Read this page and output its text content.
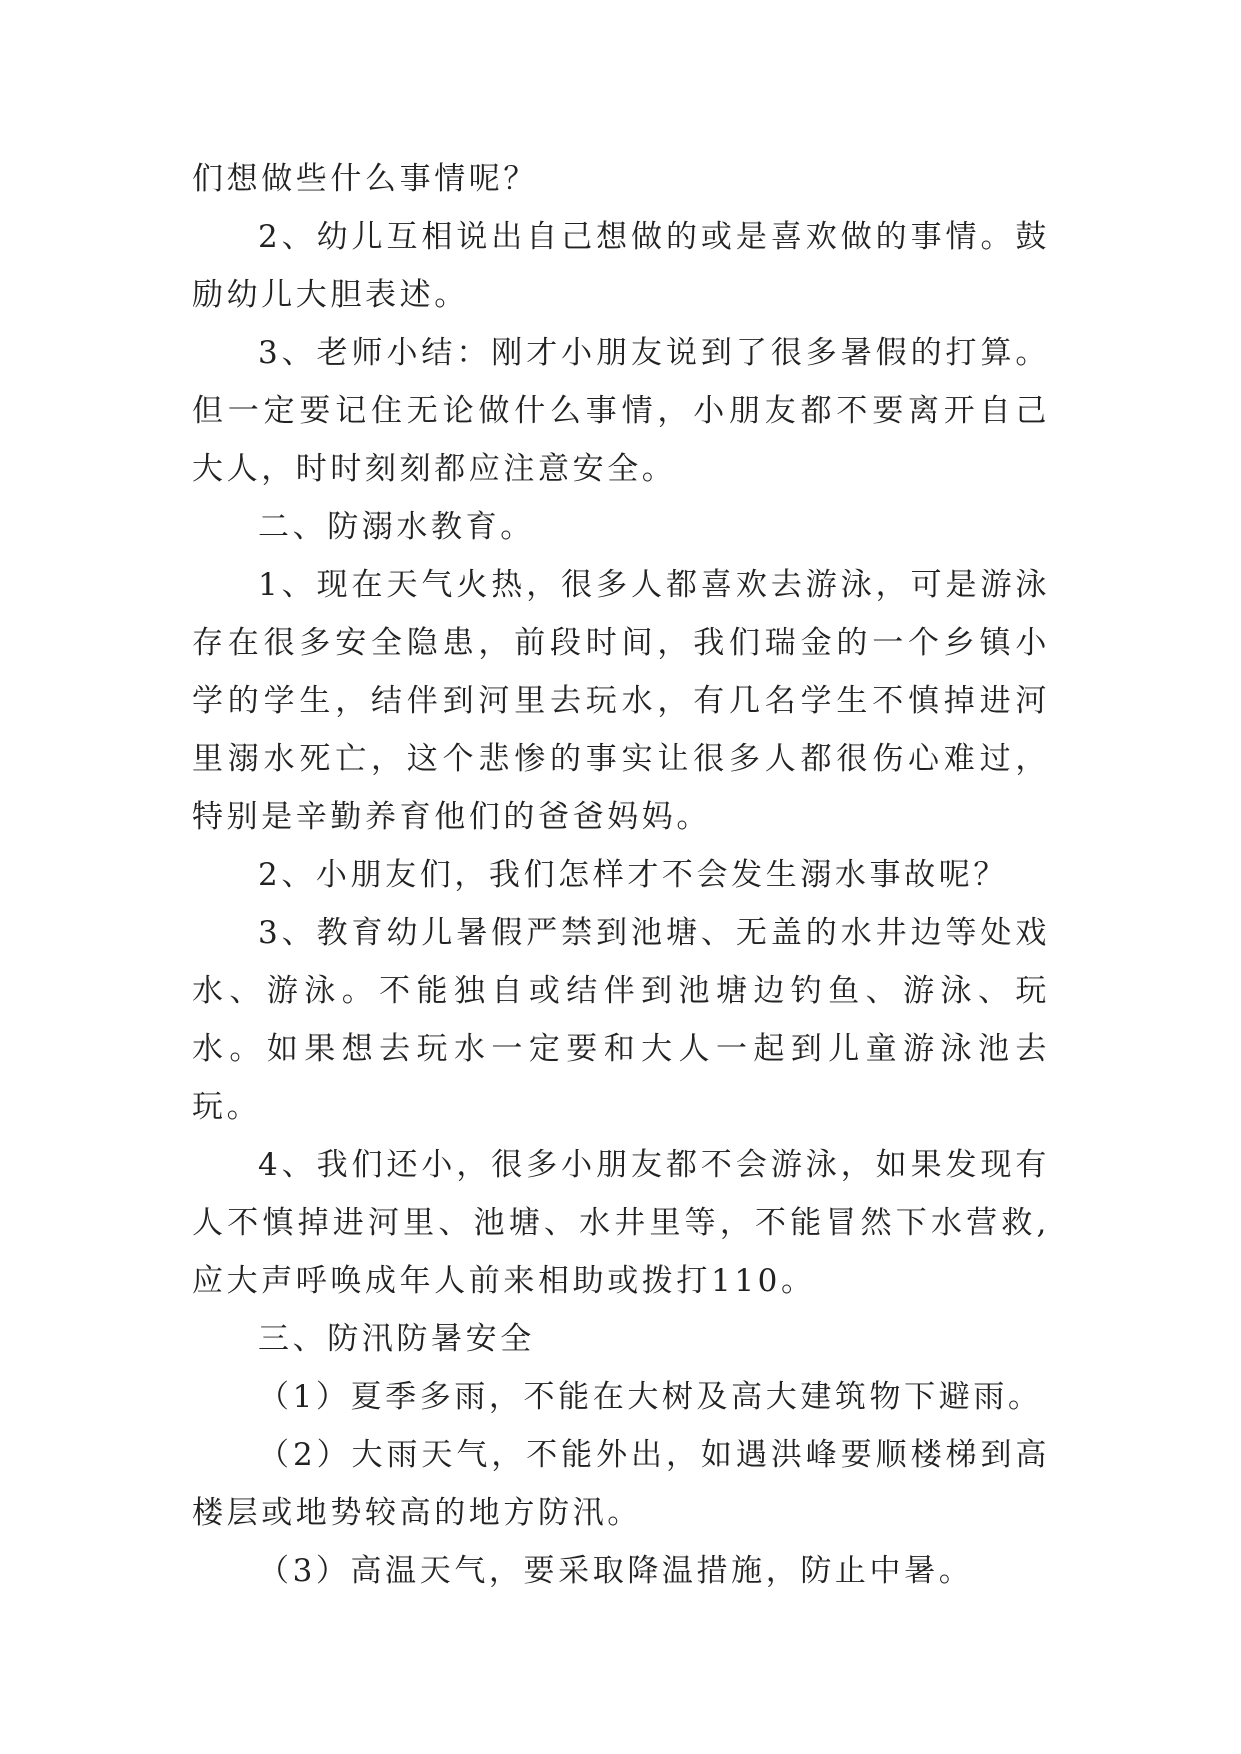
们想做些什么事情呢？

2、幼儿互相说出自己想做的或是喜欢做的事情。鼓励幼儿大胆表述。

3、老师小结：刚才小朋友说到了很多暑假的打算。但一定要记住无论做什么事情，小朋友都不要离开自己大人，时时刻刻都应注意安全。

二、防溺水教育。

1、现在天气火热，很多人都喜欢去游泳，可是游泳存在很多安全隐患，前段时间，我们瑞金的一个乡镇小学的学生，结伴到河里去玩水，有几名学生不慎掉进河里溺水死亡，这个悲惨的事实让很多人都很伤心难过，特别是辛勤养育他们的爸爸妈妈。

2、小朋友们，我们怎样才不会发生溺水事故呢？

3、教育幼儿暑假严禁到池塘、无盖的水井边等处戏水、游泳。不能独自或结伴到池塘边钓鱼、游泳、玩水。如果想去玩水一定要和大人一起到儿童游泳池去玩。

4、我们还小，很多小朋友都不会游泳，如果发现有人不慎掉进河里、池塘、水井里等，不能冒然下水营救,应大声呼唤成年人前来相助或拨打110。

三、防汛防暑安全

（1）夏季多雨，不能在大树及高大建筑物下避雨。

（2）大雨天气，不能外出，如遇洪峰要顺楼梯到高楼层或地势较高的地方防汛。

（3）高温天气，要采取降温措施，防止中暑。
